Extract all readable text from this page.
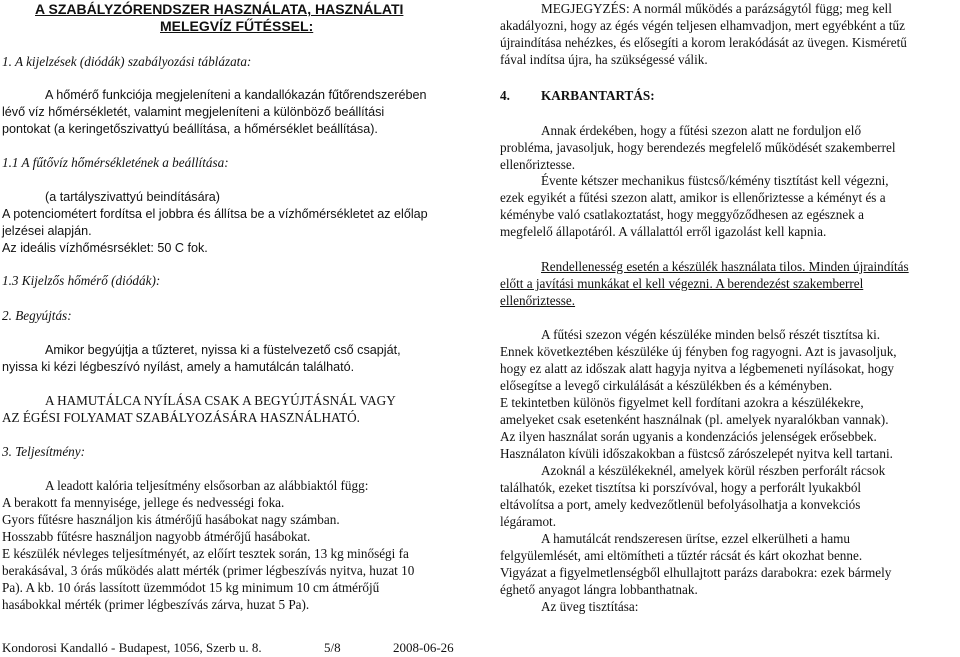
A SZABÁLYZÓRENDSZER HASZNÁLATA, HASZNÁLATI
MELEGVÍZ FŰTÉSSEL:
1. A kijelzések (diódák) szabályozási táblázata:
A hőmérő funkciója megjeleníteni a kandallókazán fűtőrendszerében
lévő víz hőmérsékletét, valamint megjeleníteni a különböző beállítási
pontokat (a keringetőszivattyú beállítása, a hőmérséklet beállítása).
1.1 A fűtővíz hőmérsékletének a beállítása:
(a tartályszivattyú beindítására)
A potenciométert fordítsa el jobbra és állítsa be a vízhőmérsékletet az előlap
jelzései alapján.
Az ideális vízhőmésrséklet: 50 C fok.
1.3 Kijelzős hőmérő (diódák):
2. Begyújtás:
Amikor begyújtja a tűzteret, nyissa ki a füstelvezető cső csapját,
nyissa ki kézi légbeszívó nyílást, amely a hamutálcán található.
A HAMUTÁLCA NYÍLÁSA CSAK A BEGYÚJTÁSNÁL VAGY
AZ ÉGÉSI FOLYAMAT SZABÁLYOZÁSÁRA HASZNÁLHATÓ.
3. Teljesítmény:
A leadott kalória teljesítmény elsősorban az alábbiaktól függ:
A berakott fa mennyisége, jellege és nedvességi foka.
Gyors fűtésre használjon kis átmérőjű hasábokat nagy számban.
Hosszabb fűtésre használjon nagyobb átmérőjű hasábokat.
E készülék névleges teljesítményét, az előírt tesztek során, 13 kg minőségi fa
berakásával, 3 órás működés alatt mérték (primer légbeszívás nyitva, huzat 10
Pa). A kb. 10 órás lassított üzemmódot 15 kg minimum 10 cm átmérőjű
hasábokkal mérték (primer légbeszívás zárva, huzat 5 Pa).
MEGJEGYZÉS: A normál működés a parázságytól függ; meg kell
akadályozni, hogy az égés végén teljesen elhamvadjon, mert egyébként a tűz
újraindítása nehézkes, és elősegíti a korom lerakódását az üvegen. Kisméretű
fával indítsa újra, ha szükségessé válik.
4. KARBANTARTÁS:
Annak érdekében, hogy a fűtési szezon alatt ne forduljon elő
probléma, javasoljuk, hogy berendezés megfelelő működését szakemberrel
ellenőriztesse.
Évente kétszer mechanikus füstcső/kémény tisztítást kell végezni,
ezek egyikét a fűtési szezon alatt, amikor is ellenőriztesse a kéményt és a
kéménybe való csatlakoztatást, hogy meggyőződhesen az egésznek a
megfelelő állapotáról. A vállalattól erről igazolást kell kapnia.
Rendellenesség esetén a készülék használata tilos. Minden újraindítás
előtt a javítási munkákat el kell végezni. A berendezést szakemberrel
ellenőriztesse.
A fűtési szezon végén készüléke minden belső részét tisztítsa ki.
Ennek következtében készüléke új fényben fog ragyogni. Azt is javasoljuk,
hogy ez alatt az időszak alatt hagyja nyitva a légbemeneti nyílásokat, hogy
elősegítse a levegő cirkulálását a készülékben és a kéményben.
E tekintetben különös figyelmet kell fordítani azokra a készülékekre,
amelyeket csak esetenként használnak (pl. amelyek nyaralókban vannak).
Az ilyen használat során ugyanis a kondenzációs jelenségek erősebbek.
Használaton kívüli időszakokban a füstcső zárószelepét nyitva kell tartani.
Azoknál a készülékeknél, amelyek körül részben perforált rácsok
találhatók, ezeket tisztítsa ki porszívóval, hogy a perforált lyukakból
eltávolítsa a port, amely kedvezőtlenül befolyásolhatja a konvekciós
légáramot.
A hamutálcát rendszeresen ürítse, ezzel elkerülheti a hamu
felgyülemlését, ami eltömítheti a tűztér rácsát és kárt okozhat benne.
Vigyázat a figyelmetlenségből elhullajtott parázs darabokra: ezek bármely
éghető anyagot lángra lobbanthatnak.
Az üveg tisztítása:
Kondorosi Kandalló - Budapest, 1056, Szerb u. 8.	5/8	2008-06-26
